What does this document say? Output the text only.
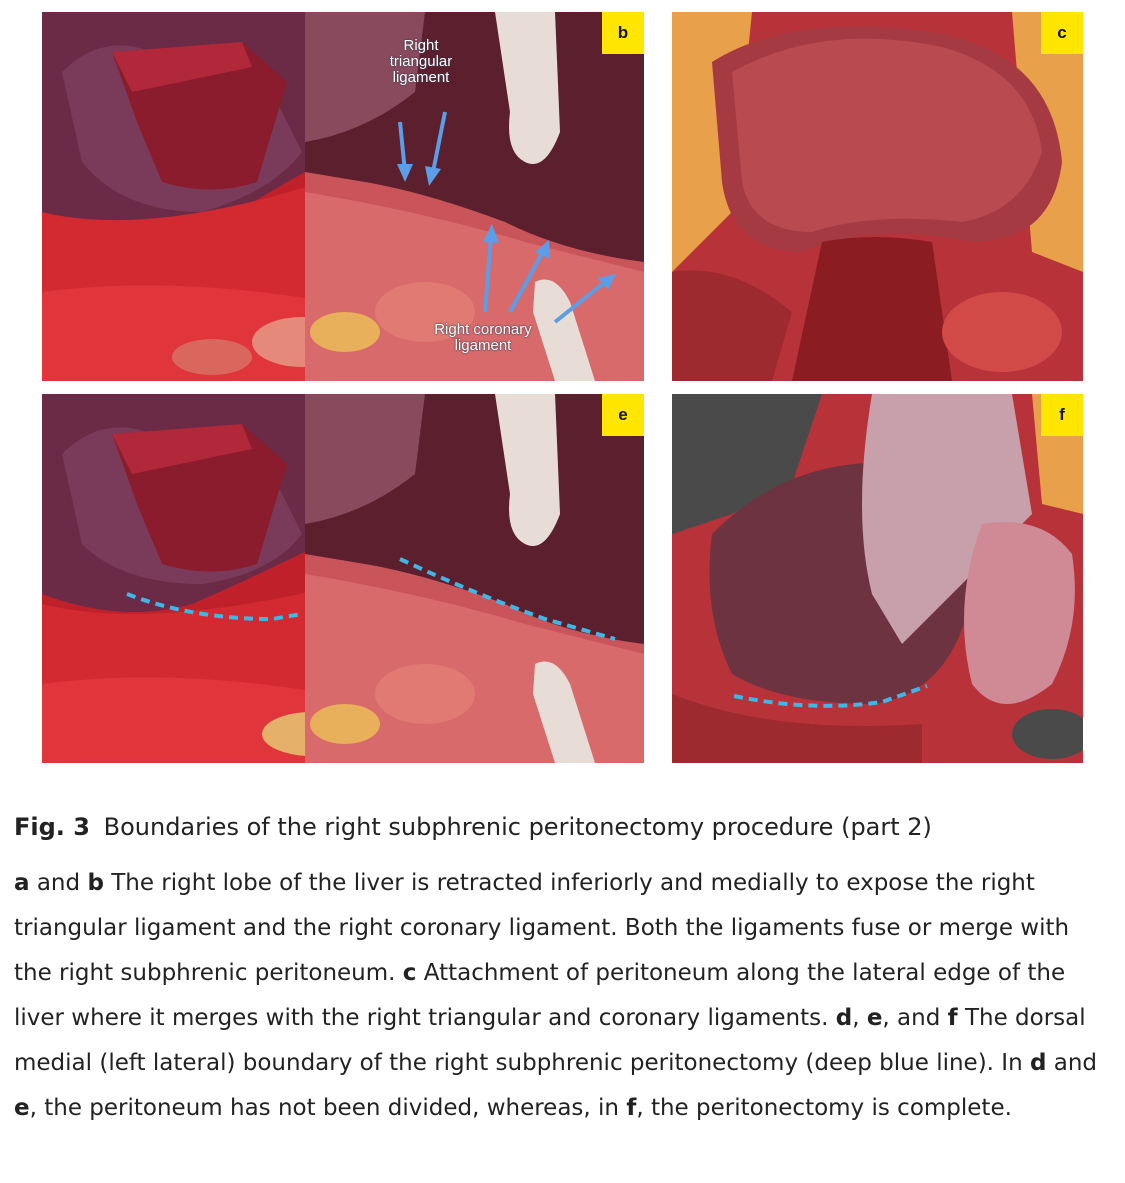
Right triangular ligament
Right coronary ligament
b	c
e	f
Fig. 3 Boundaries of the right subphrenic peritonectomy procedure (part 2)
a and b The right lobe of the liver is retracted inferiorly and medially to expose the right triangular ligament and the right coronary ligament. Both the ligaments fuse or merge with the right subphrenic peritoneum. c Attachment of peritoneum along the lateral edge of the liver where it merges with the right triangular and coronary ligaments. d, e, and f The dorsal medial (left lateral) boundary of the right subphrenic peritonectomy (deep blue line). In d and e, the peritoneum has not been divided, whereas, in f, the peritonectomy is complete.
